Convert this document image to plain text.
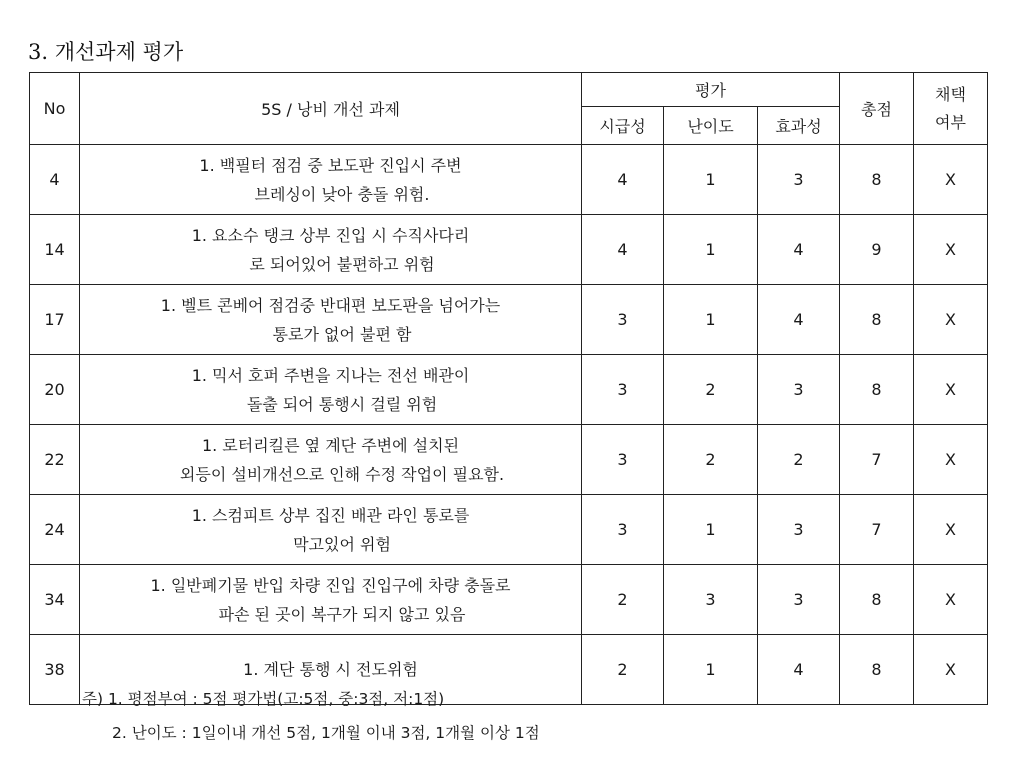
3. 개선과제 평가
No	5S / 낭비 개선 과제	평가			총점	채택
여부

		시급성	난이도	효과성		
4	1. 백필터 점검 중 보도판 진입시 주변
브레싱이 낮아 충돌 위험.	4	1	3	8	X
14	1. 요소수 탱크 상부 진입 시 수직사다리
로 되어있어 불편하고 위험	4	1	4	9	X
17	1. 벨트 콘베어 점검중 반대편 보도판을 넘어가는
통로가 없어 불편 함	3	1	4	8	X
20	1. 믹서 호퍼 주변을 지나는 전선 배관이
돌출 되어 통행시 걸릴 위험	3	2	3	8	X
22	1. 로터리킬른 옆 계단 주변에 설치된
외등이 설비개선으로 인해 수정 작업이 필요함.	3	2	2	7	X
24	1. 스컴피트 상부 집진 배관 라인 통로를
막고있어 위험	3	1	3	7	X
34	1. 일반폐기물 반입 차량 진입 진입구에 차량 충돌로
파손 된 곳이 복구가 되지 않고 있음	2	3	3	8	X
38	1. 계단 통행 시 전도위험	2	1	4	8	X
주) 1. 평점부여 : 5점 평가법(고:5점, 중:3점, 저:1점)
2. 난이도 : 1일이내 개선 5점, 1개월 이내 3점, 1개월 이상 1점
